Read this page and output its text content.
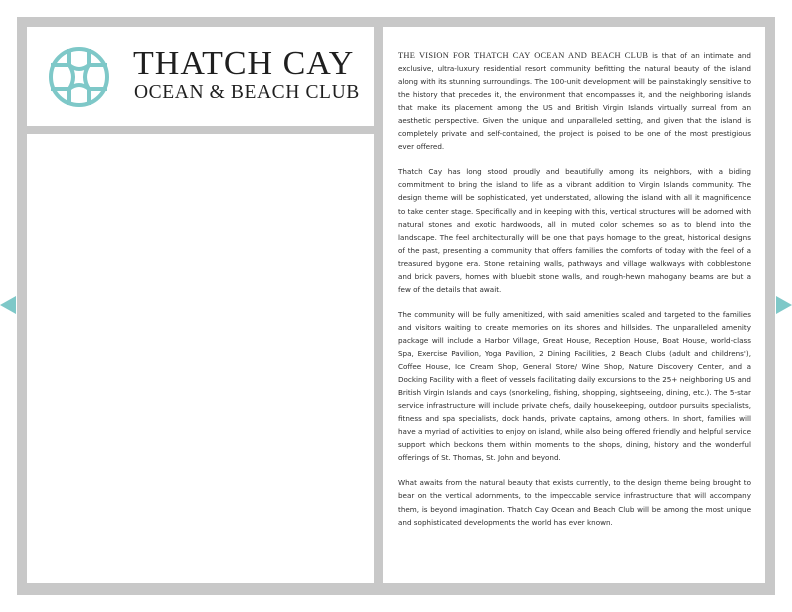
THATCH CAY
OCEAN & BEACH CLUB

THE VISION FOR THATCH CAY OCEAN AND BEACH CLUB is that of an intimate and exclusive, ultra-luxury residential resort community befitting the natural beauty of the island along with its stunning surroundings. The 100-unit development will be painstakingly sensitive to the history that precedes it, the environment that encompasses it, and the neighboring islands that make its placement among the US and British Virgin Islands virtually surreal from an aesthetic perspective. Given the unique and unparalleled setting, and given that the island is completely private and self-contained, the project is poised to be one of the most prestigious ever offered.

Thatch Cay has long stood proudly and beautifully among its neighbors, with a biding commitment to bring the island to life as a vibrant addition to Virgin Islands community. The design theme will be sophisticated, yet understated, allowing the island with all it magnificence to take center stage. Specifically and in keeping with this, vertical structures will be adorned with natural stones and exotic hardwoods, all in muted color schemes so as to blend into the landscape. The feel architecturally will be one that pays homage to the great, historical designs of the past, presenting a community that offers families the comforts of today with the feel of a treasured bygone era. Stone retaining walls, pathways and village walkways with cobblestone and brick pavers, homes with bluebit stone walls, and rough-hewn mahogany beams are but a few of the details that await.

The community will be fully amenitized, with said amenities scaled and targeted to the families and visitors waiting to create memories on its shores and hillsides. The unparalleled amenity package will include a Harbor Village, Great House, Reception House, Boat House, world-class Spa, Exercise Pavilion, Yoga Pavilion, 2 Dining Facilities, 2 Beach Clubs (adult and childrens'), Coffee House, Ice Cream Shop, General Store/ Wine Shop, Nature Discovery Center, and a Docking Facility with a fleet of vessels facilitating daily excursions to the 25+ neighboring US and British Virgin Islands and cays (snorkeling, fishing, shopping, sightseeing, dining, etc.). The 5-star service infrastructure will include private chefs, daily housekeeping, outdoor pursuits specialists, fitness and spa specialists, dock hands, private captains, among others. In short, families will have a myriad of activities to enjoy on island, while also being offered friendly and helpful service support which beckons them within moments to the shops, dining, history and the wonderful offerings of St. Thomas, St. John and beyond.

What awaits from the natural beauty that exists currently, to the design theme being brought to bear on the vertical adornments, to the impeccable service infrastructure that will accompany them, is beyond imagination. Thatch Cay Ocean and Beach Club will be among the most unique and sophisticated developments the world has ever known.
